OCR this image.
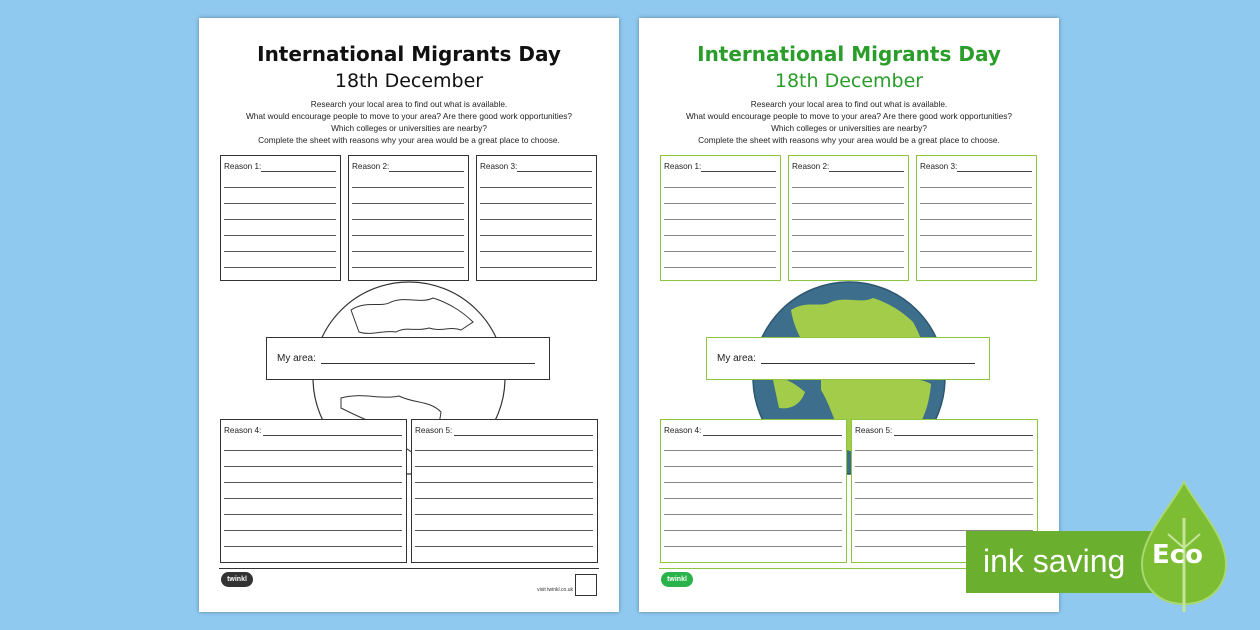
International Migrants Day
18th December
Research your local area to find out what is available.
What would encourage people to move to your area? Are there good work opportunities?
Which colleges or universities are nearby?
Complete the sheet with reasons why your area would be a great place to choose.
Reason 1:	Reason 2:	Reason 3:
My area:
Reason 4:	Reason 5:
twinkl
visit twinkl.co.uk
International Migrants Day
18th December
Research your local area to find out what is available.
What would encourage people to move to your area? Are there good work opportunities?
Which colleges or universities are nearby?
Complete the sheet with reasons why your area would be a great place to choose.
Reason 1:	Reason 2:	Reason 3:
My area:
Reason 4:	Reason 5:
twinkl
ink saving Eco
